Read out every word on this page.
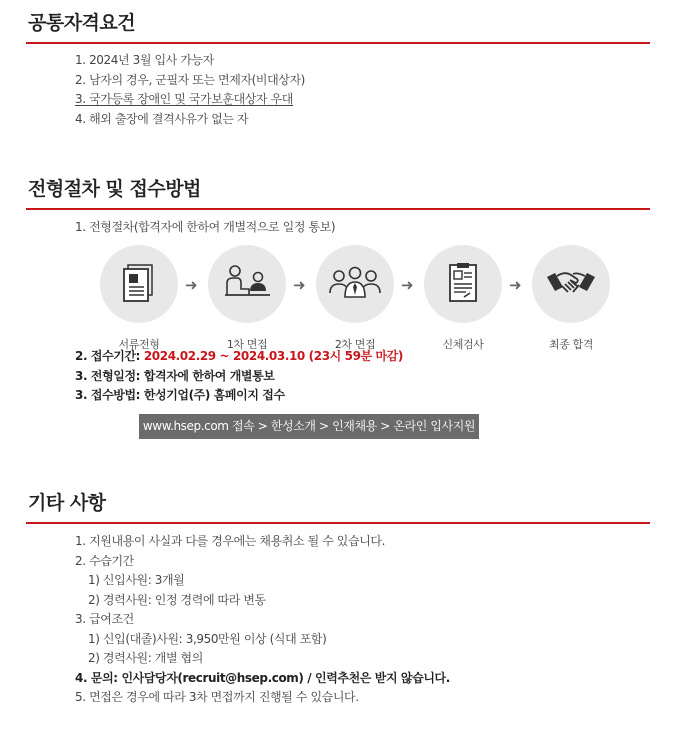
공통자격요건
1. 2024년 3월 입사 가능자
2. 남자의 경우, 군필자 또는 면제자(비대상자)
3. 국가등록 장애인 및 국가보훈대상자 우대
4. 해외 출장에 결격사유가 없는 자
전형절차 및 접수방법
1. 전형절차(합격자에 한하여 개별적으로 일정 통보)
서류전형
➜
1차 면접
➜
2차 면접
➜
신체검사
➜
최종 합격
2. 접수기간: 2024.02.29 ~ 2024.03.10 (23시 59분 마감)
3. 전형일정: 합격자에 한하여 개별통보
3. 접수방법: 한성기업(주) 홈페이지 접수
www.hsep.com 접속 > 한성소개 > 인재채용 > 온라인 입사지원
기타 사항
1. 지원내용이 사실과 다를 경우에는 채용취소 될 수 있습니다.
2. 수습기간
1) 신입사원: 3개월
2) 경력사원: 인정 경력에 따라 변동
3. 급여조건
1) 신입(대졸)사원: 3,950만원 이상 (식대 포함)
2) 경력사원: 개별 협의
4. 문의: 인사담당자(recruit@hsep.com) / 인력추천은 받지 않습니다.
5. 면접은 경우에 따라 3차 면접까지 진행될 수 있습니다.
